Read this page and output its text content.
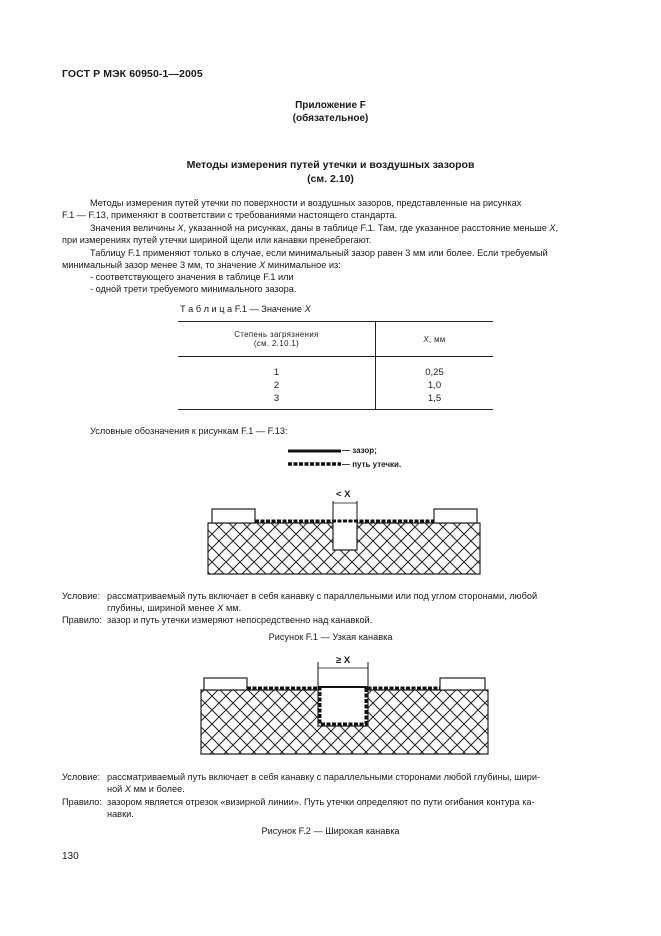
ГОСТ Р МЭК 60950-1—2005
Приложение F
(обязательное)
Методы измерения путей утечки и воздушных зазоров
(см. 2.10)
Методы измерения путей утечки по поверхности и воздушных зазоров, представленные на рисунках
F.1 — F.13, применяют в соответствии с требованиями настоящего стандарта.
Значения величины X, указанной на рисунках, даны в таблице F.1. Там, где указанное расстояние меньше X,
при измерениях путей утечки шириной щели или канавки пренебрегают.
Таблицу F.1 применяют только в случае, если минимальный зазор равен 3 мм или более. Если требуемый
минимальный зазор менее 3 мм, то значение X минимальное из:
- соответствующего значения в таблице F.1 или
- одной трети требуемого минимального зазора.
Т а б л и ц а F.1 — Значение X
Степень загрязнения
(см. 2.10.1)	X, мм
1	0,25
2	1,0
3	1,5
Условные обозначения к рисункам F.1 — F.13:
— зазор;
— путь утечки.
< X
Условие: рассматриваемый путь включает в себя канавку с параллельными или под углом сторонами, любой
глубины, шириной менее X мм.
Правило: зазор и путь утечки измеряют непосредственно над канавкой.
Рисунок F.1 — Узкая канавка
≥ X
Условие: рассматриваемый путь включает в себя канавку с параллельными сторонами любой глубины, шири-
ной X мм и более.
Правило: зазором является отрезок «визирной линии». Путь утечки определяют по пути огибания контура ка-
навки.
Рисунок F.2 — Широкая канавка
130
